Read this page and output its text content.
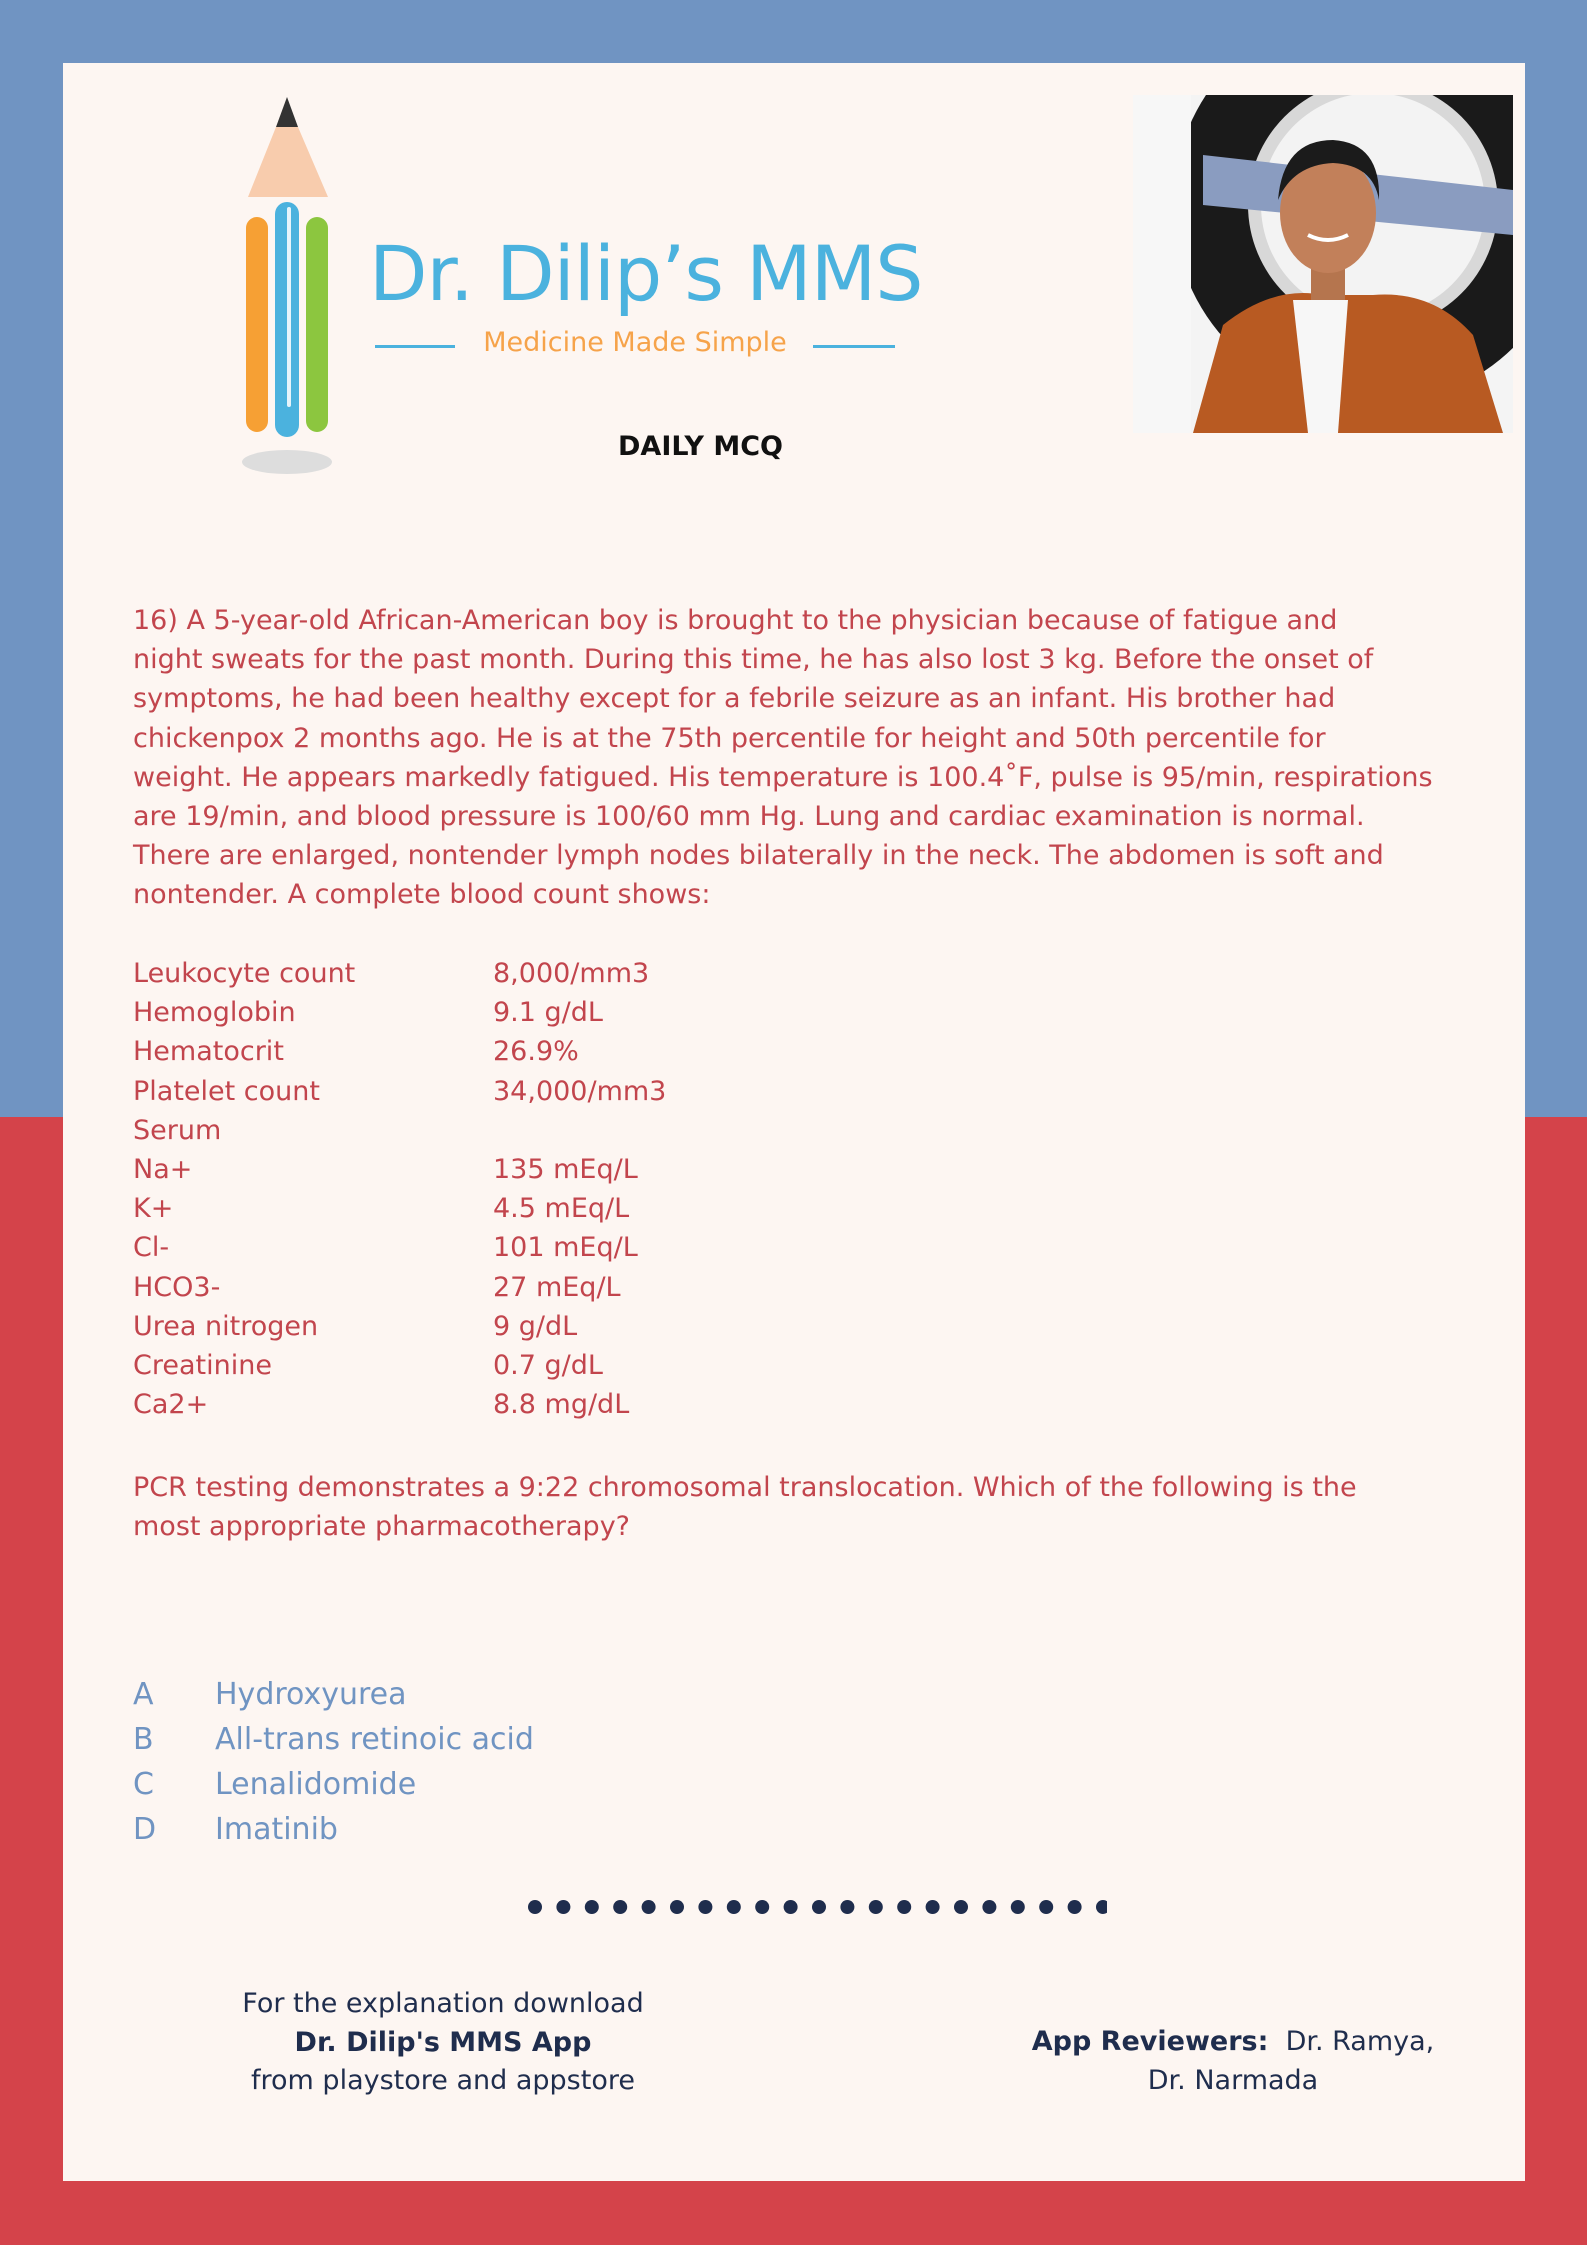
Dr. Dilip’s MMS
Medicine Made Simple
DAILY MCQ
16) A 5-year-old African-American boy is brought to the physician because of fatigue and
night sweats for the past month. During this time, he has also lost 3 kg. Before the onset of
symptoms, he had been healthy except for a febrile seizure as an infant. His brother had
chickenpox 2 months ago. He is at the 75th percentile for height and 50th percentile for
weight. He appears markedly fatigued. His temperature is 100.4˚F, pulse is 95/min, respirations
are 19/min, and blood pressure is 100/60 mm Hg. Lung and cardiac examination is normal.
There are enlarged, nontender lymph nodes bilaterally in the neck. The abdomen is soft and
nontender. A complete blood count shows:
Leukocyte count	8,000/mm3
Hemoglobin	9.1 g/dL
Hematocrit	26.9%
Platelet count	34,000/mm3
Serum
Na+	135 mEq/L
K+	4.5 mEq/L
Cl-	101 mEq/L
HCO3-	27 mEq/L
Urea nitrogen	9 g/dL
Creatinine	0.7 g/dL
Ca2+	8.8 mg/dL
PCR testing demonstrates a 9:22 chromosomal translocation. Which of the following is the
most appropriate pharmacotherapy?
A Hydroxyurea
B All-trans retinoic acid
C Lenalidomide
D Imatinib
For the explanation download
Dr. Dilip's MMS App
from playstore and appstore
App Reviewers: Dr. Ramya,
Dr. Narmada
